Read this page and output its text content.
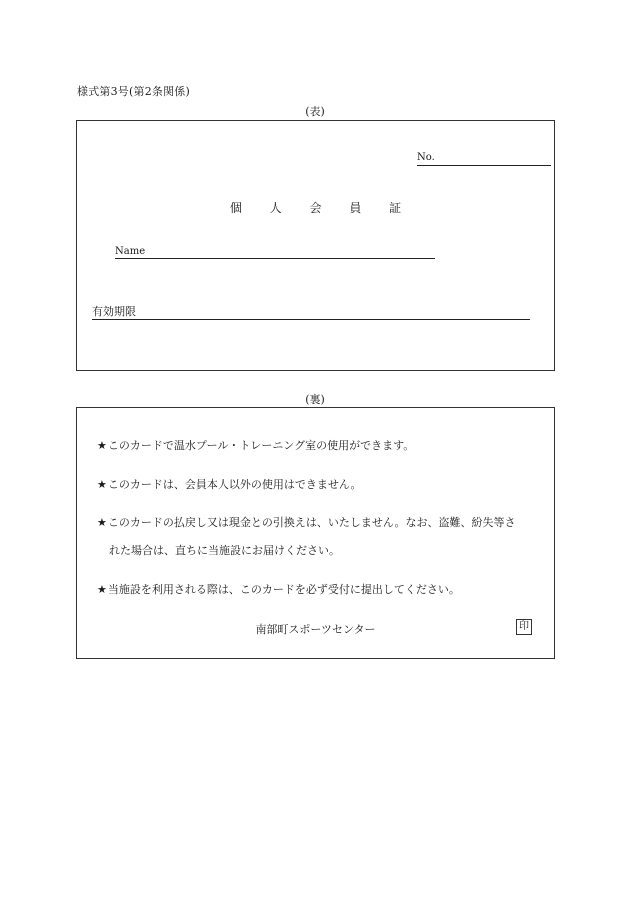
様式第3号(第2条関係)
(表)
No.
個 人 会 員 証
Name
有効期限
(裏)
★このカードで温水プール・トレーニング室の使用ができます。
★このカードは、会員本人以外の使用はできません。
★このカードの払戻し又は現金との引換えは、いたしません。なお、盗難、紛失等さ
れた場合は、直ちに当施設にお届けください。
★当施設を利用される際は、このカードを必ず受付に提出してください。
南部町スポーツセンター	印
